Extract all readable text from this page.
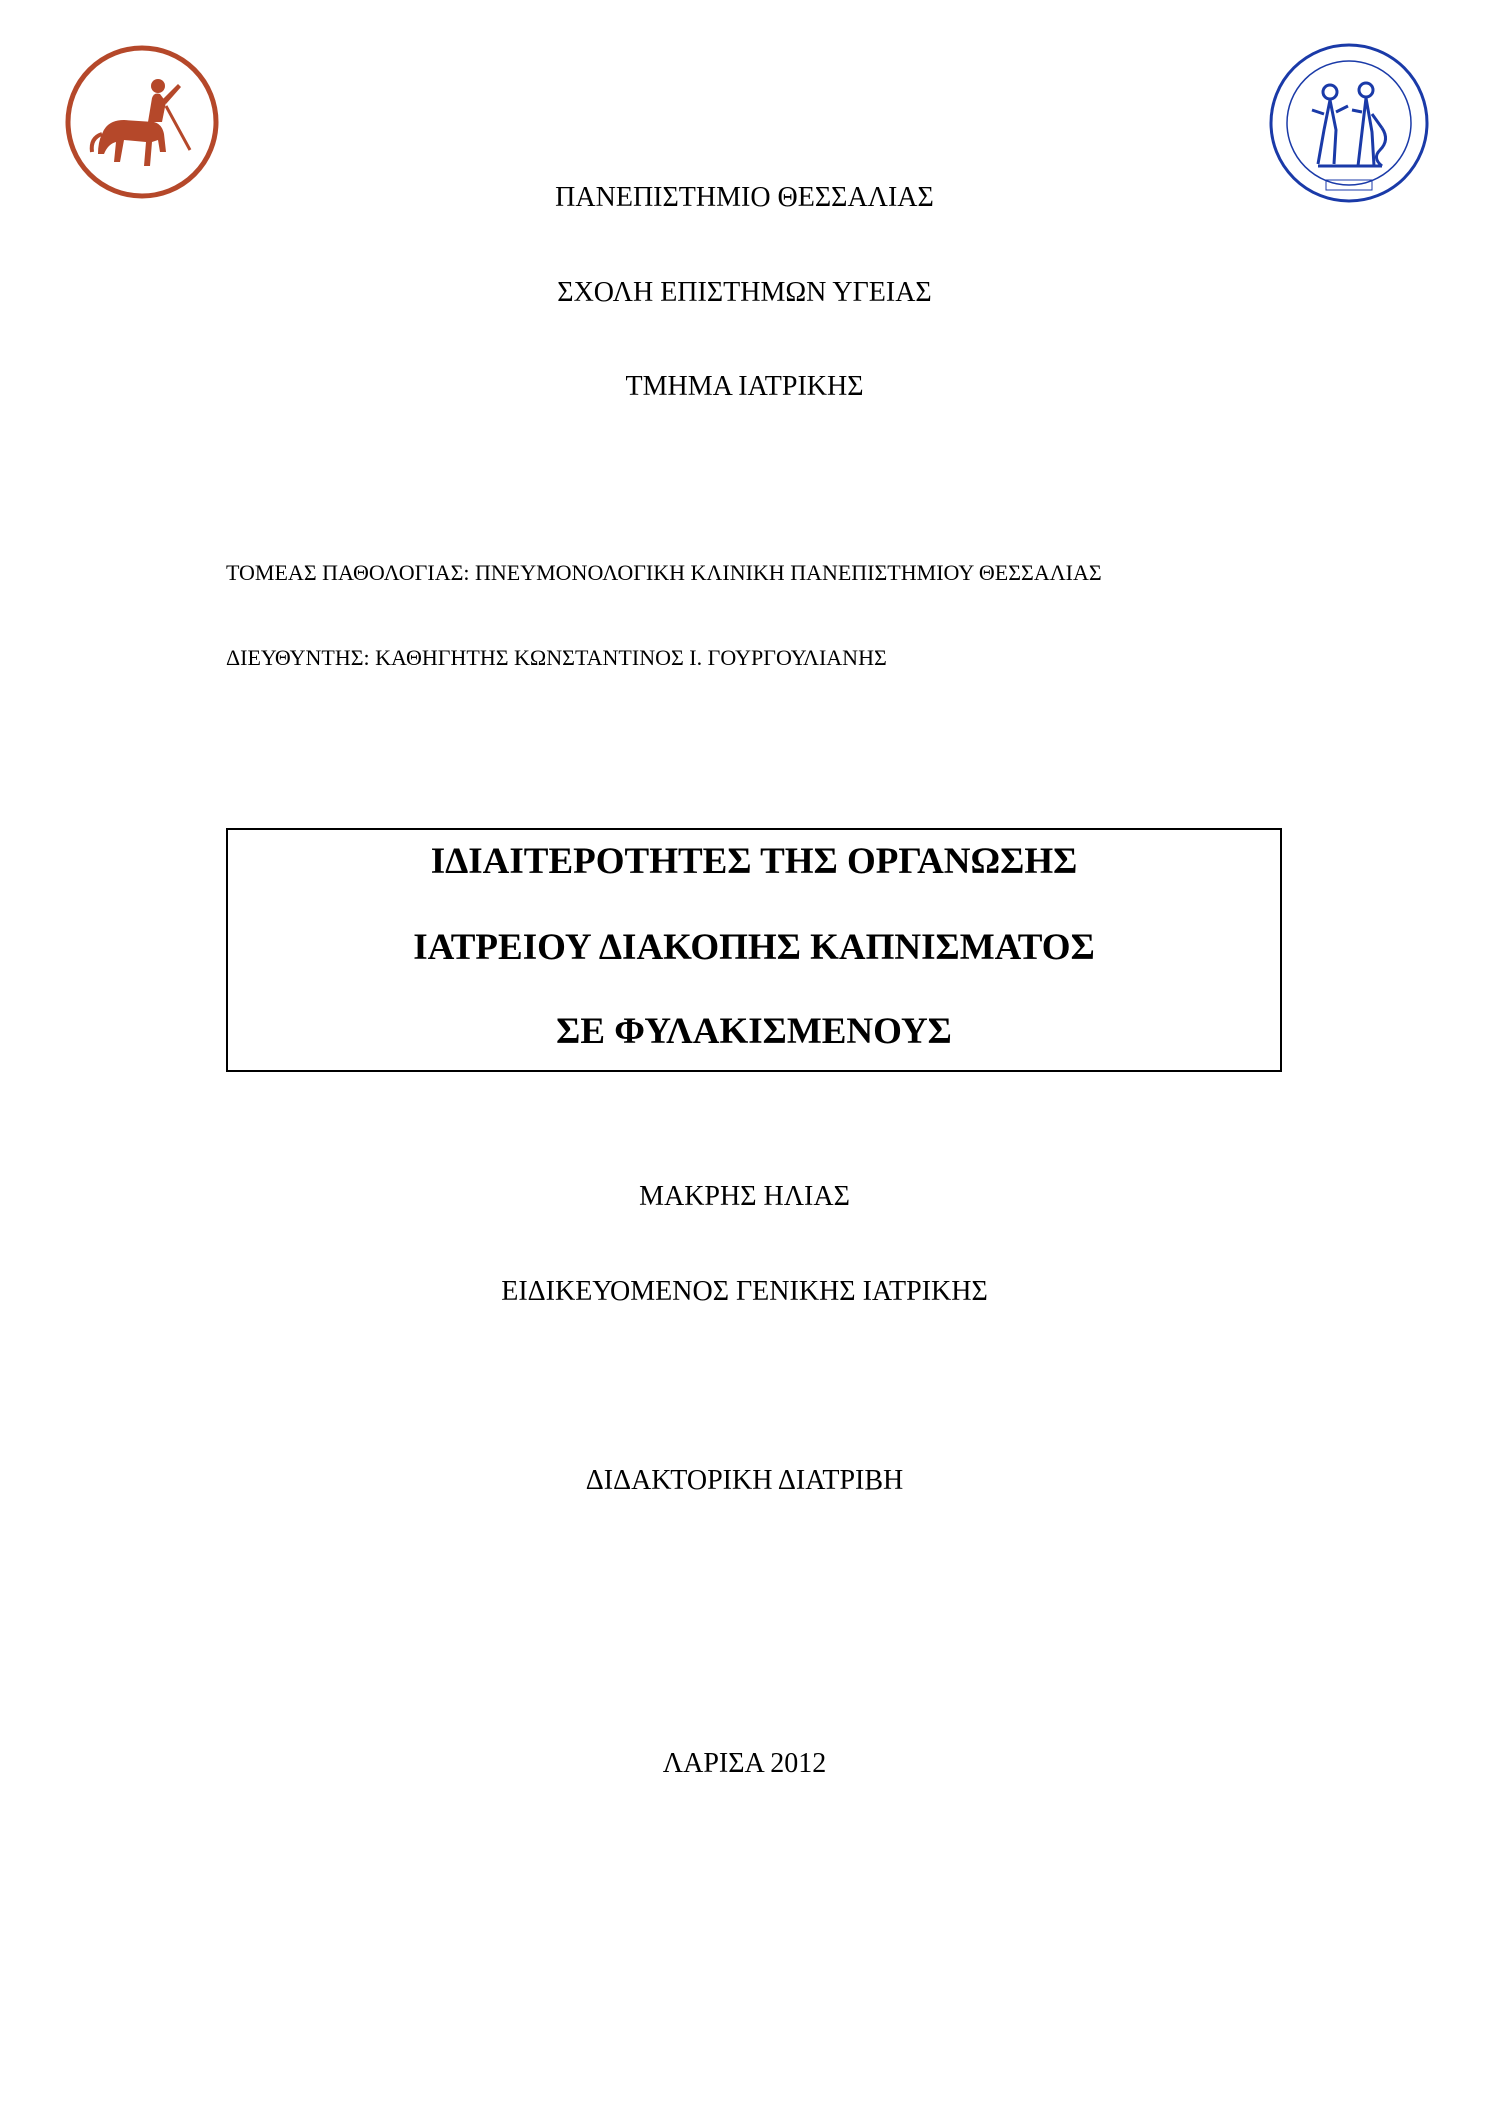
ΠΑΝΕΠΙΣΤΗΜΙΟ ΘΕΣΣΑΛΙΑΣ
ΣΧΟΛΗ ΕΠΙΣΤΗΜΩΝ ΥΓΕΙΑΣ
ΤΜΗΜΑ ΙΑΤΡΙΚΗΣ
ΤΟΜΕΑΣ ΠΑΘΟΛΟΓΙΑΣ: ΠΝΕΥΜΟΝΟΛΟΓΙΚΗ ΚΛΙΝΙΚΗ ΠΑΝΕΠΙΣΤΗΜΙΟΥ ΘΕΣΣΑΛΙΑΣ
ΔΙΕΥΘΥΝΤΗΣ: ΚΑΘΗΓΗΤΗΣ ΚΩΝΣΤΑΝΤΙΝΟΣ Ι. ΓΟΥΡΓΟΥΛΙΑΝΗΣ
ΙΔΙΑΙΤΕΡΟΤΗΤΕΣ ΤΗΣ ΟΡΓΑΝΩΣΗΣ
ΙΑΤΡΕΙΟΥ ΔΙΑΚΟΠΗΣ ΚΑΠΝΙΣΜΑΤΟΣ
ΣΕ ΦΥΛΑΚΙΣΜΕΝΟΥΣ
ΜΑΚΡΗΣ ΗΛΙΑΣ
ΕΙΔΙΚΕΥΟΜΕΝΟΣ ΓΕΝΙΚΗΣ ΙΑΤΡΙΚΗΣ
ΔΙΔΑΚΤΟΡΙΚΗ ΔΙΑΤΡΙΒΗ
ΛΑΡΙΣΑ 2012
